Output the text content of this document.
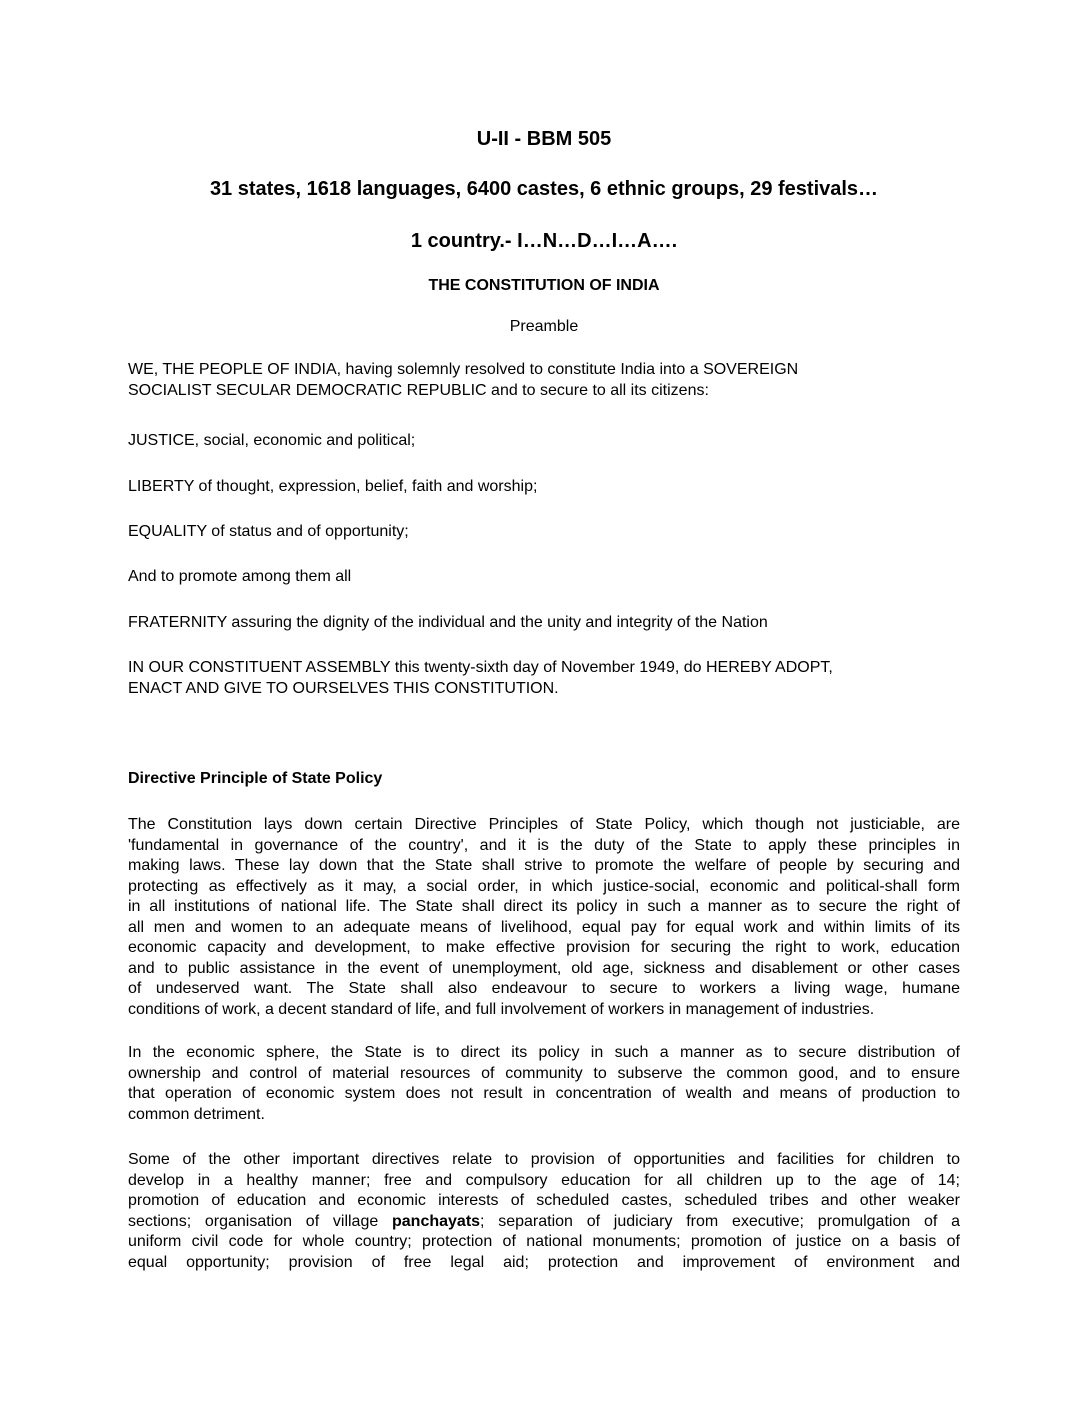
U-II - BBM 505
31 states, 1618 languages, 6400 castes, 6 ethnic groups, 29 festivals…
1 country.- I…N…D…I…A….
THE CONSTITUTION OF INDIA
Preamble
WE, THE PEOPLE OF INDIA, having solemnly resolved to constitute India into a SOVEREIGN
SOCIALIST SECULAR DEMOCRATIC REPUBLIC and to secure to all its citizens:
JUSTICE, social, economic and political;
LIBERTY of thought, expression, belief, faith and worship;
EQUALITY of status and of opportunity;
And to promote among them all
FRATERNITY assuring the dignity of the individual and the unity and integrity of the Nation
IN OUR CONSTITUENT ASSEMBLY this twenty-sixth day of November 1949, do HEREBY ADOPT,
ENACT AND GIVE TO OURSELVES THIS CONSTITUTION.
Directive Principle of State Policy
The Constitution lays down certain Directive Principles of State Policy, which though not justiciable, are
'fundamental in governance of the country', and it is the duty of the State to apply these principles in
making laws. These lay down that the State shall strive to promote the welfare of people by securing and
protecting as effectively as it may, a social order, in which justice-social, economic and political-shall form
in all institutions of national life. The State shall direct its policy in such a manner as to secure the right of
all men and women to an adequate means of livelihood, equal pay for equal work and within limits of its
economic capacity and development, to make effective provision for securing the right to work, education
and to public assistance in the event of unemployment, old age, sickness and disablement or other cases
of undeserved want. The State shall also endeavour to secure to workers a living wage, humane
conditions of work, a decent standard of life, and full involvement of workers in management of industries.
In the economic sphere, the State is to direct its policy in such a manner as to secure distribution of
ownership and control of material resources of community to subserve the common good, and to ensure
that operation of economic system does not result in concentration of wealth and means of production to
common detriment.
Some of the other important directives relate to provision of opportunities and facilities for children to
develop in a healthy manner; free and compulsory education for all children up to the age of 14;
promotion of education and economic interests of scheduled castes, scheduled tribes and other weaker
sections; organisation of village panchayats; separation of judiciary from executive; promulgation of a
uniform civil code for whole country; protection of national monuments; promotion of justice on a basis of
equal opportunity; provision of free legal aid; protection and improvement of environment and
